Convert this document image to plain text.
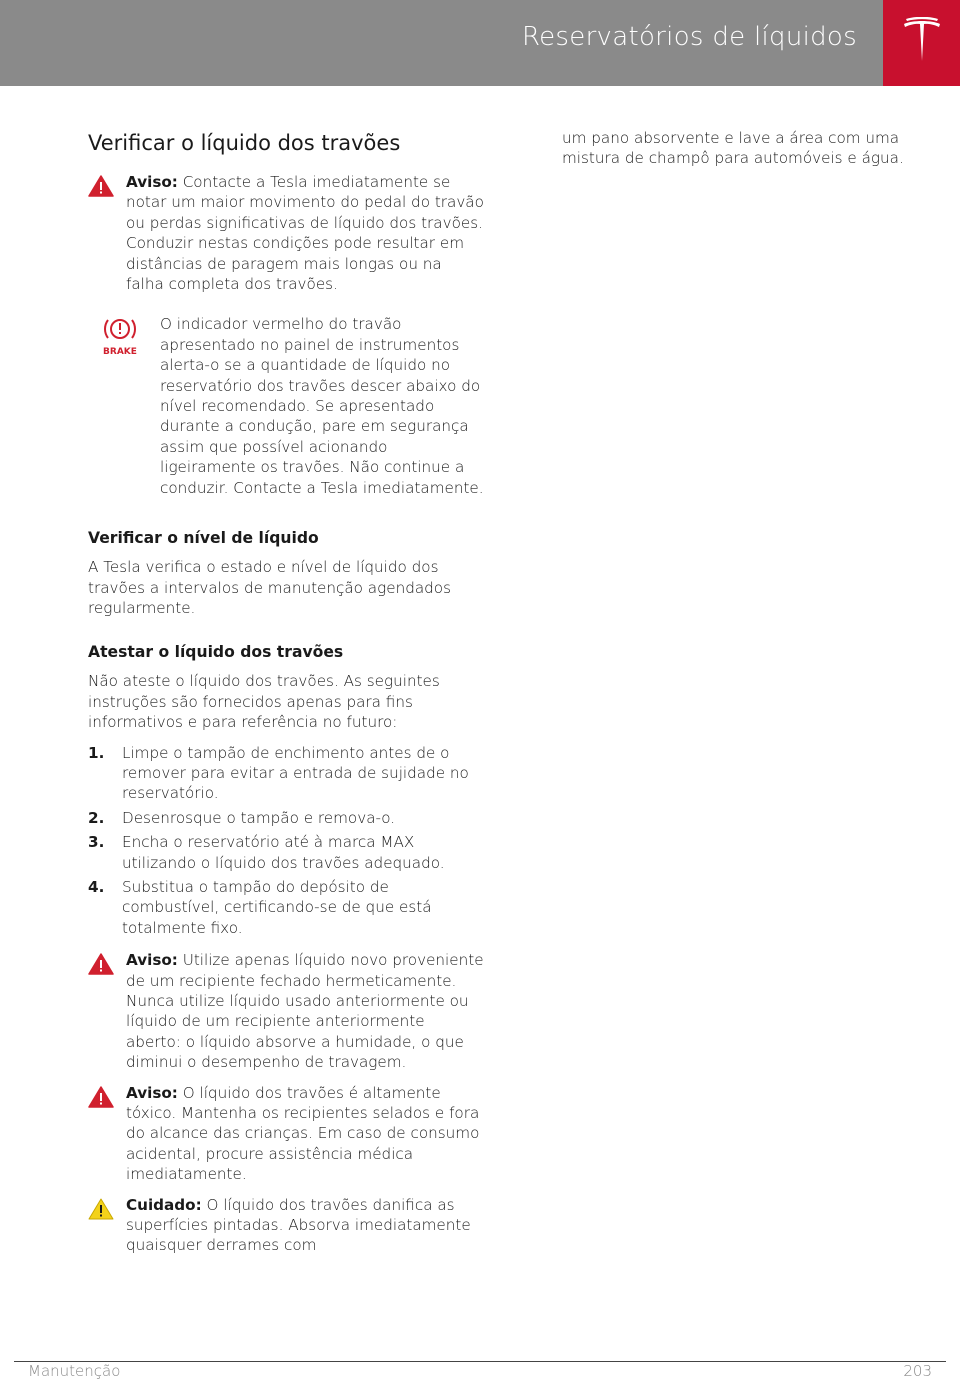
Reservatórios de líquidos
Verificar o líquido dos travões
Aviso: Contacte a Tesla imediatamente se notar um maior movimento do pedal do travão ou perdas significativas de líquido dos travões. Conduzir nestas condições pode resultar em distâncias de paragem mais longas ou na falha completa dos travões.
BRAKE
O indicador vermelho do travão apresentado no painel de instrumentos alerta-o se a quantidade de líquido no reservatório dos travões descer abaixo do nível recomendado. Se apresentado durante a condução, pare em segurança assim que possível acionando ligeiramente os travões. Não continue a conduzir. Contacte a Tesla imediatamente.
Verificar o nível de líquido

A Tesla verifica o estado e nível de líquido dos travões a intervalos de manutenção agendados regularmente.

Atestar o líquido dos travões

Não ateste o líquido dos travões. As seguintes instruções são fornecidos apenas para fins informativos e para referência no futuro:

1. Limpe o tampão de enchimento antes de o remover para evitar a entrada de sujidade no reservatório.
2. Desenrosque o tampão e remova-o.
3. Encha o reservatório até à marca MAX utilizando o líquido dos travões adequado.
4. Substitua o tampão do depósito de combustível, certificando-se de que está totalmente fixo.
Aviso: Utilize apenas líquido novo proveniente de um recipiente fechado hermeticamente. Nunca utilize líquido usado anteriormente ou líquido de um recipiente anteriormente aberto: o líquido absorve a humidade, o que diminui o desempenho de travagem.
Aviso: O líquido dos travões é altamente tóxico. Mantenha os recipientes selados e fora do alcance das crianças. Em caso de consumo acidental, procure assistência médica imediatamente.
Cuidado: O líquido dos travões danifica as superfícies pintadas. Absorva imediatamente quaisquer derrames com
um pano absorvente e lave a área com uma mistura de champô para automóveis e água.
Manutenção	203
